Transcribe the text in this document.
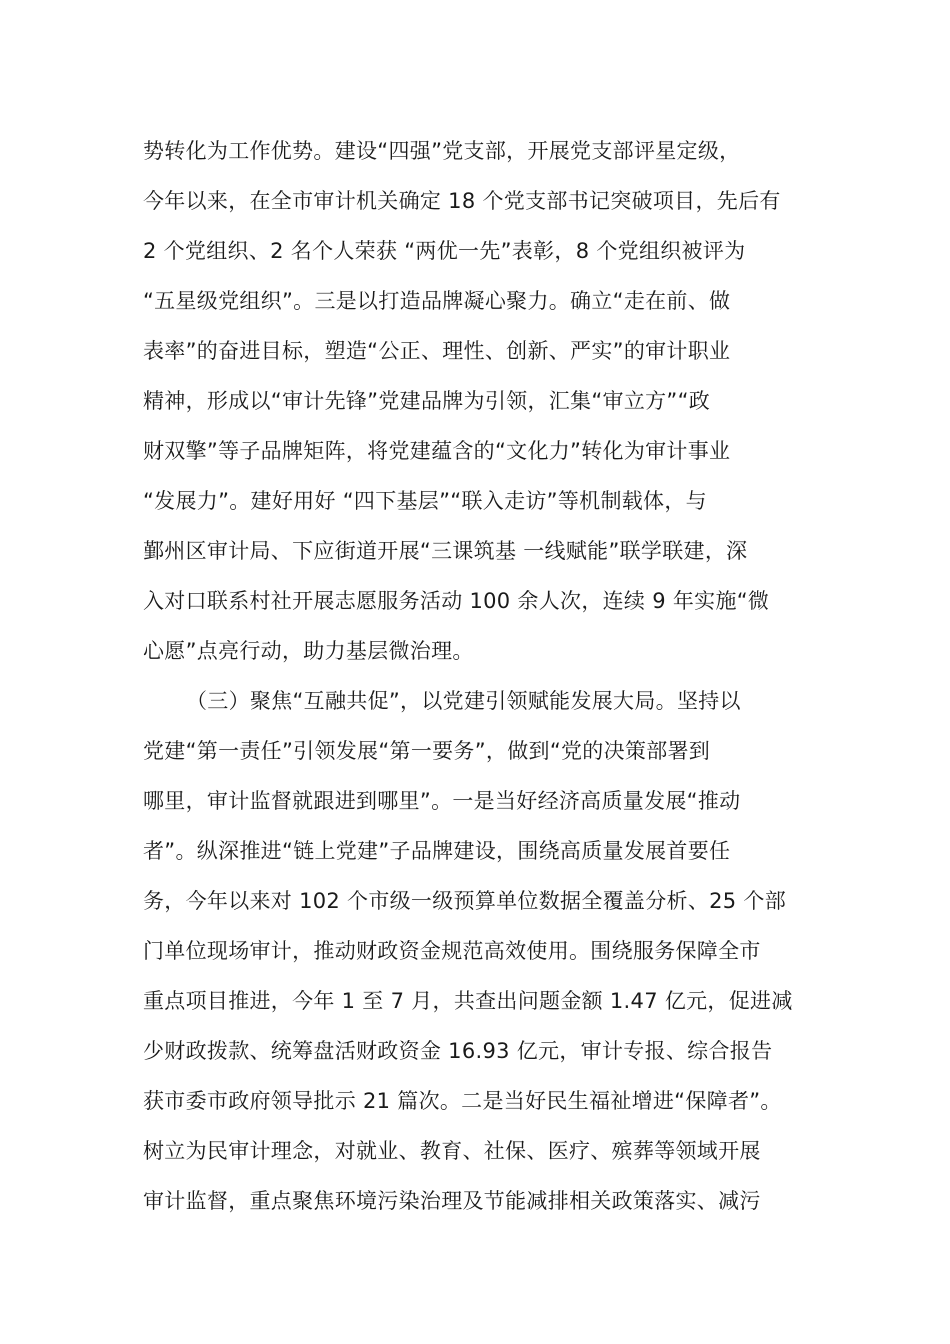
势转化为工作优势。建设“四强”党支部，开展党支部评星定级，
今年以来，在全市审计机关确定 18 个党支部书记突破项目，先后有
2 个党组织、2 名个人荣获 “两优一先”表彰，8 个党组织被评为
“五星级党组织”。三是以打造品牌凝心聚力。确立“走在前、做
表率”的奋进目标，塑造“公正、理性、创新、严实”的审计职业
精神，形成以“审计先锋”党建品牌为引领，汇集“审立方”“政
财双擎”等子品牌矩阵，将党建蕴含的“文化力”转化为审计事业
“发展力”。建好用好 “四下基层”“联入走访”等机制载体，与
鄞州区审计局、下应街道开展“三课筑基 一线赋能”联学联建，深
入对口联系村社开展志愿服务活动 100 余人次，连续 9 年实施“微
心愿”点亮行动，助力基层微治理。
（三）聚焦“互融共促”，以党建引领赋能发展大局。坚持以
党建“第一责任”引领发展“第一要务”，做到“党的决策部署到
哪里，审计监督就跟进到哪里”。一是当好经济高质量发展“推动
者”。纵深推进“链上党建”子品牌建设，围绕高质量发展首要任
务，今年以来对 102 个市级一级预算单位数据全覆盖分析、25 个部
门单位现场审计，推动财政资金规范高效使用。围绕服务保障全市
重点项目推进，今年 1 至 7 月，共查出问题金额 1.47 亿元，促进减
少财政拨款、统筹盘活财政资金 16.93 亿元，审计专报、综合报告
获市委市政府领导批示 21 篇次。二是当好民生福祉增进“保障者”。
树立为民审计理念，对就业、教育、社保、医疗、殡葬等领域开展
审计监督，重点聚焦环境污染治理及节能减排相关政策落实、减污
